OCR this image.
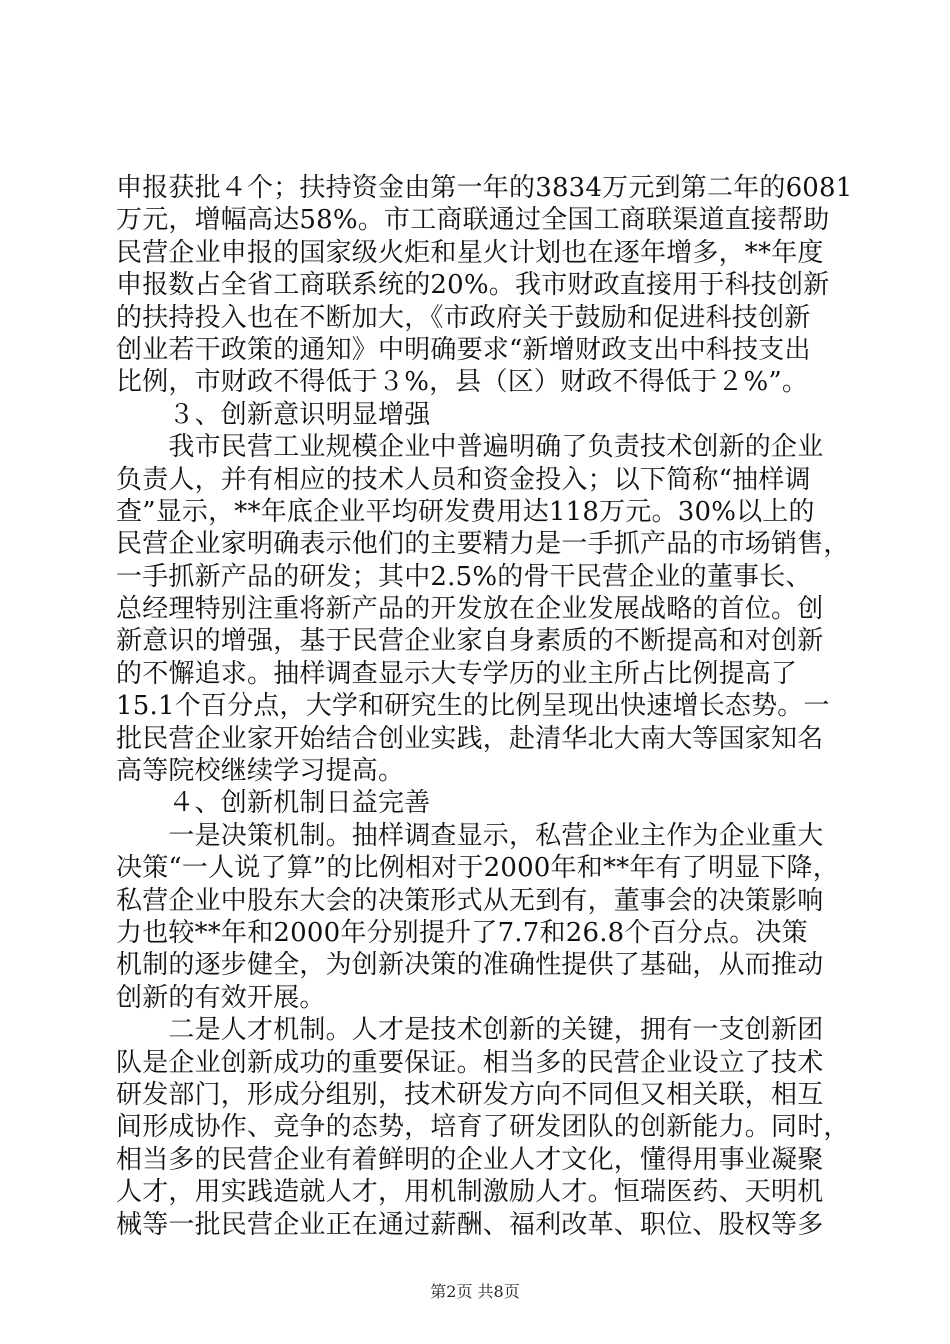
申报获批４个；扶持资金由第一年的3834万元到第二年的6081
万元，增幅高达58%。市工商联通过全国工商联渠道直接帮助
民营企业申报的国家级火炬和星火计划也在逐年增多，**年度
申报数占全省工商联系统的20%。我市财政直接用于科技创新
的扶持投入也在不断加大，《市政府关于鼓励和促进科技创新
创业若干政策的通知》中明确要求“新增财政支出中科技支出
比例，市财政不得低于３%，县（区）财政不得低于２%”。
　　３、创新意识明显增强
　　我市民营工业规模企业中普遍明确了负责技术创新的企业
负责人，并有相应的技术人员和资金投入；以下简称“抽样调
查”显示，**年底企业平均研发费用达118万元。30%以上的
民营企业家明确表示他们的主要精力是一手抓产品的市场销售，
一手抓新产品的研发；其中2.5%的骨干民营企业的董事长、
总经理特别注重将新产品的开发放在企业发展战略的首位。创
新意识的增强，基于民营企业家自身素质的不断提高和对创新
的不懈追求。抽样调查显示大专学历的业主所占比例提高了
15.1个百分点，大学和研究生的比例呈现出快速增长态势。一
批民营企业家开始结合创业实践，赴清华北大南大等国家知名
高等院校继续学习提高。
　　４、创新机制日益完善
　　一是决策机制。抽样调查显示，私营企业主作为企业重大
决策“一人说了算”的比例相对于2000年和**年有了明显下降，
私营企业中股东大会的决策形式从无到有，董事会的决策影响
力也较**年和2000年分别提升了7.7和26.8个百分点。决策
机制的逐步健全，为创新决策的准确性提供了基础，从而推动
创新的有效开展。
　　二是人才机制。人才是技术创新的关键，拥有一支创新团
队是企业创新成功的重要保证。相当多的民营企业设立了技术
研发部门，形成分组别，技术研发方向不同但又相关联，相互
间形成协作、竞争的态势，培育了研发团队的创新能力。同时，
相当多的民营企业有着鲜明的企业人才文化，懂得用事业凝聚
人才，用实践造就人才，用机制激励人才。恒瑞医药、天明机
械等一批民营企业正在通过薪酬、福利改革、职位、股权等多
第2页 共8页
